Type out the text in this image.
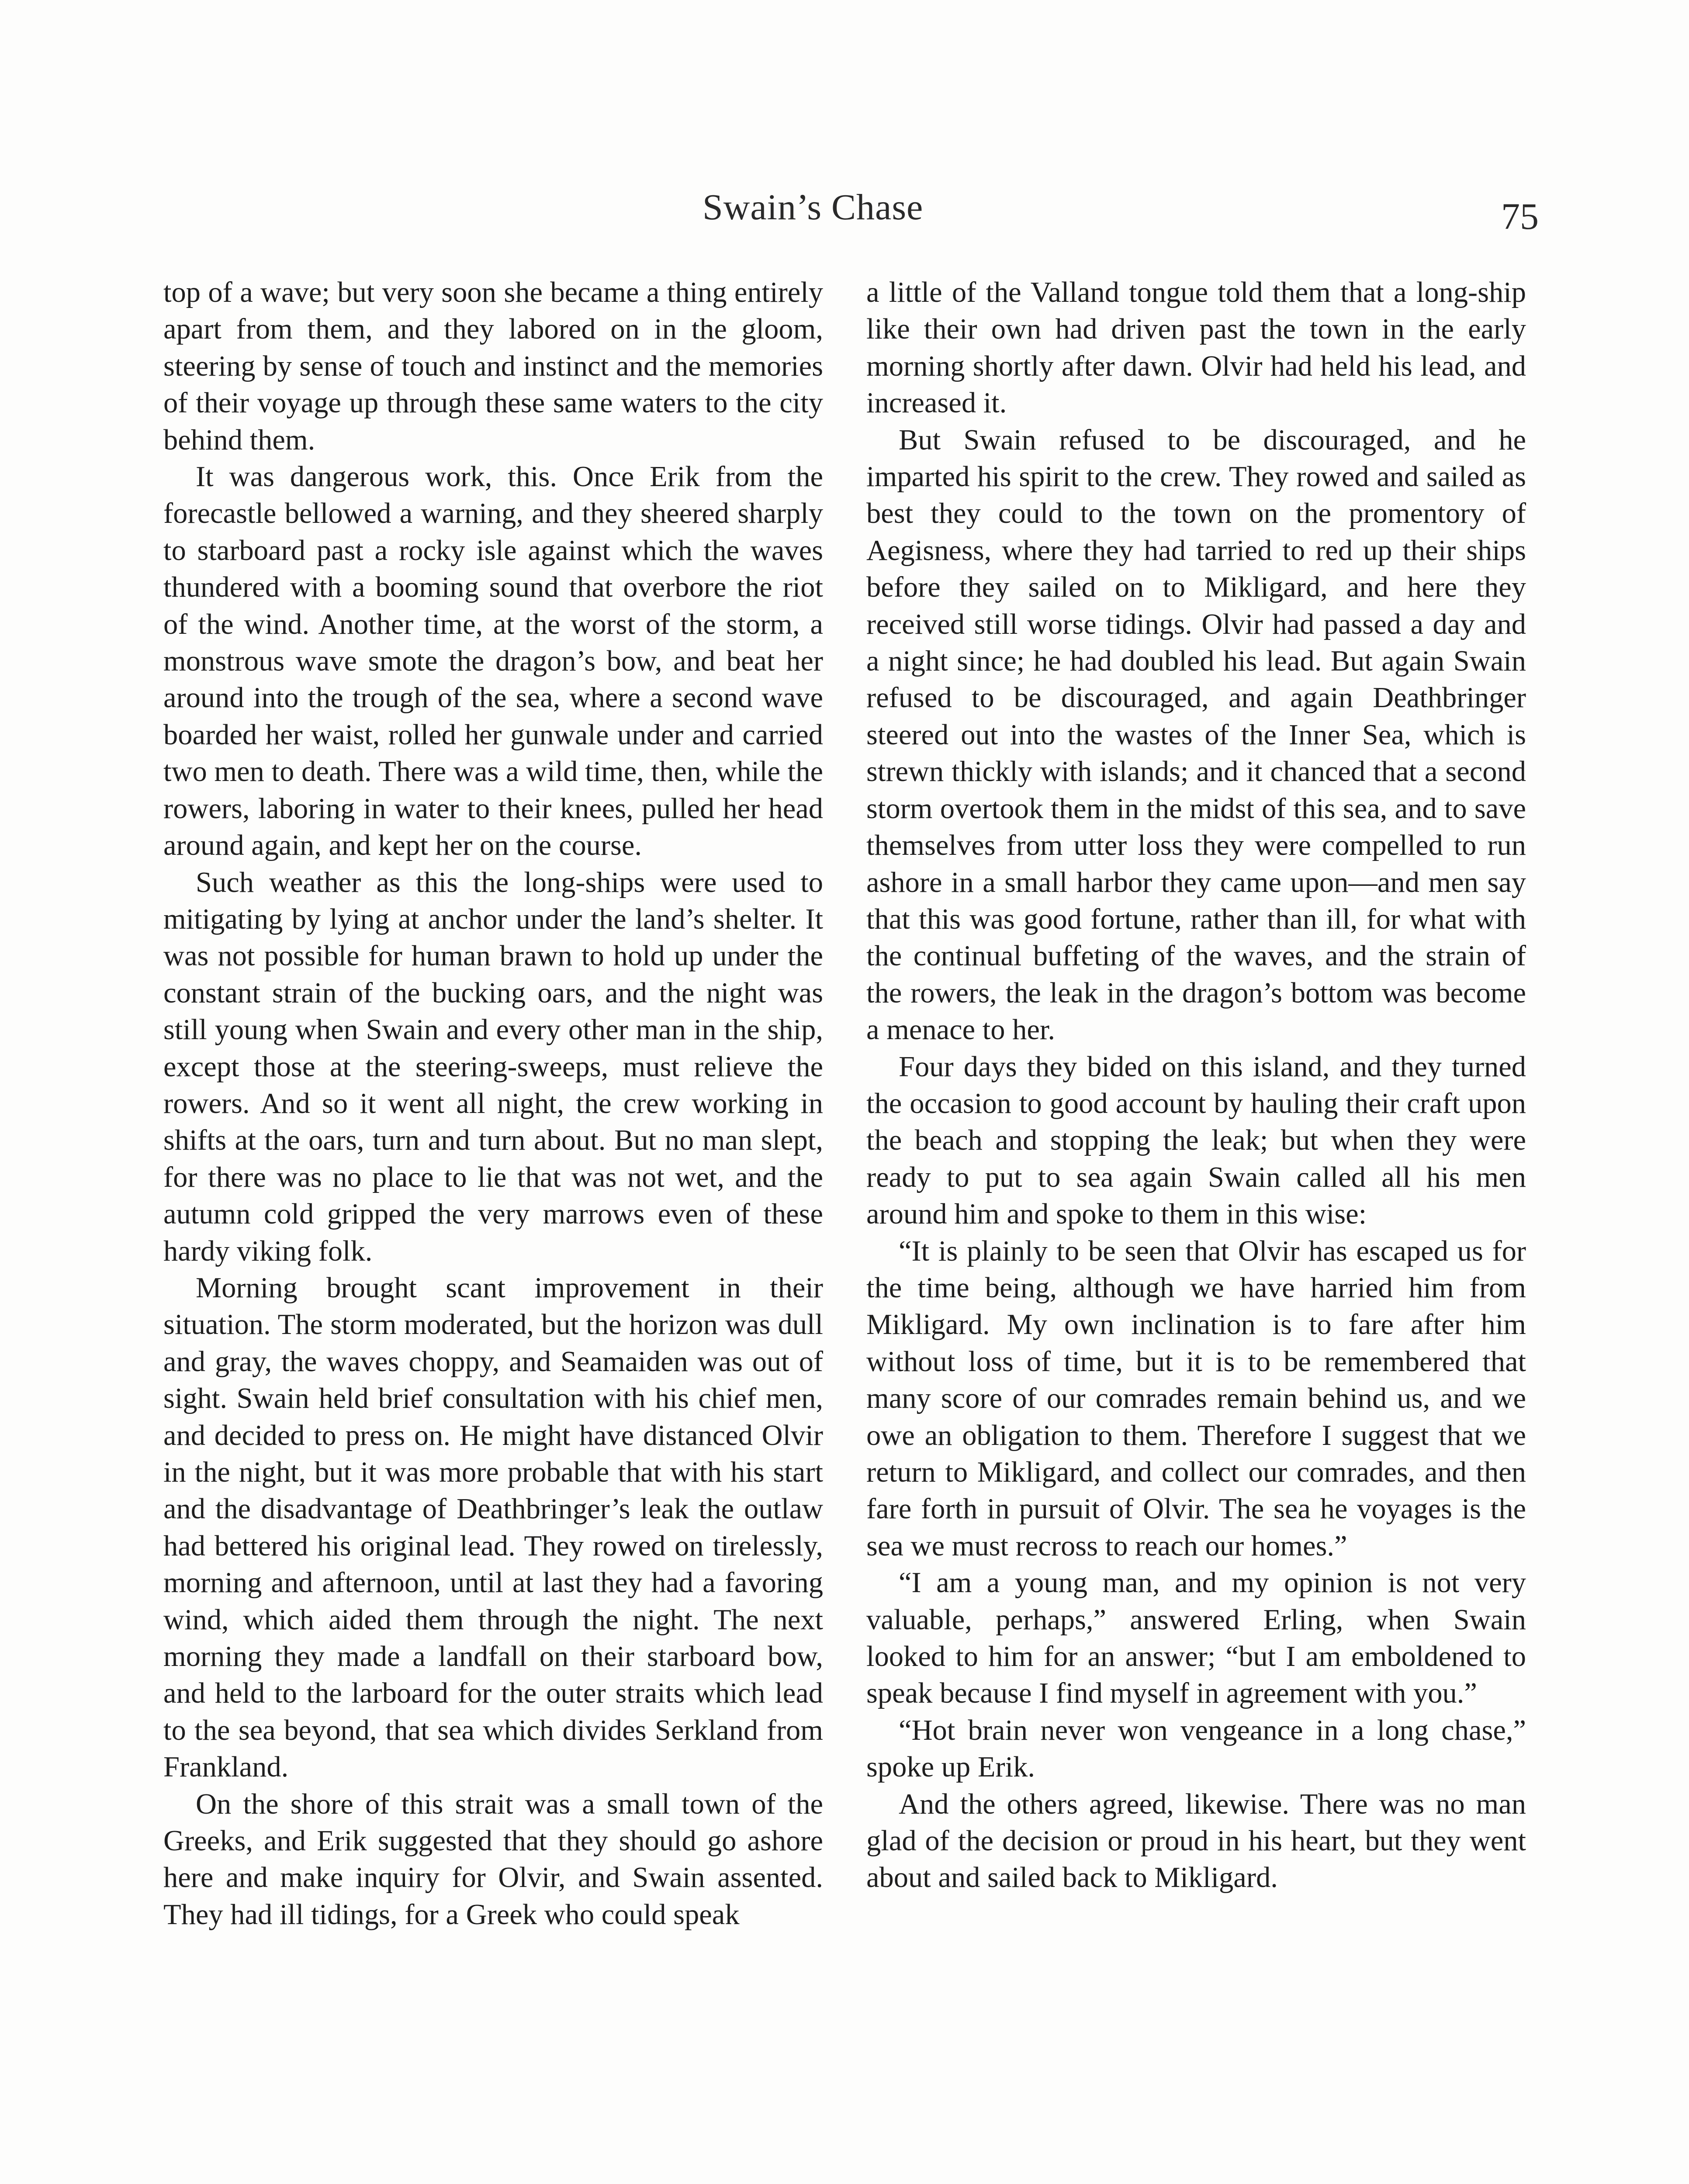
Swain’s Chase	75

top of a wave; but very soon she became a thing entirely apart from them, and they labored on in the gloom, steering by sense of touch and instinct and the memories of their voyage up through these same waters to the city behind them.

It was dangerous work, this. Once Erik from the forecastle bellowed a warning, and they sheered sharply to starboard past a rocky isle against which the waves thundered with a booming sound that overbore the riot of the wind. Another time, at the worst of the storm, a monstrous wave smote the dragon’s bow, and beat her around into the trough of the sea, where a second wave boarded her waist, rolled her gunwale under and carried two men to death. There was a wild time, then, while the rowers, laboring in water to their knees, pulled her head around again, and kept her on the course.

Such weather as this the long-ships were used to mitigating by lying at anchor under the land’s shelter. It was not possible for human brawn to hold up under the constant strain of the bucking oars, and the night was still young when Swain and every other man in the ship, except those at the steering-sweeps, must relieve the rowers. And so it went all night, the crew working in shifts at the oars, turn and turn about. But no man slept, for there was no place to lie that was not wet, and the autumn cold gripped the very marrows even of these hardy viking folk.

Morning brought scant improvement in their situation. The storm moderated, but the horizon was dull and gray, the waves choppy, and Seamaiden was out of sight. Swain held brief consultation with his chief men, and decided to press on. He might have distanced Olvir in the night, but it was more probable that with his start and the disadvantage of Deathbringer’s leak the outlaw had bettered his original lead. They rowed on tirelessly, morning and afternoon, until at last they had a favoring wind, which aided them through the night. The next morning they made a landfall on their starboard bow, and held to the larboard for the outer straits which lead to the sea beyond, that sea which divides Serkland from Frankland.

On the shore of this strait was a small town of the Greeks, and Erik suggested that they should go ashore here and make inquiry for Olvir, and Swain assented. They had ill tidings, for a Greek who could speak

a little of the Valland tongue told them that a long-ship like their own had driven past the town in the early morning shortly after dawn. Olvir had held his lead, and increased it.

But Swain refused to be discouraged, and he imparted his spirit to the crew. They rowed and sailed as best they could to the town on the promentory of Aegisness, where they had tarried to red up their ships before they sailed on to Mikligard, and here they received still worse tidings. Olvir had passed a day and a night since; he had doubled his lead. But again Swain refused to be discouraged, and again Deathbringer steered out into the wastes of the Inner Sea, which is strewn thickly with islands; and it chanced that a second storm overtook them in the midst of this sea, and to save themselves from utter loss they were compelled to run ashore in a small harbor they came upon—and men say that this was good fortune, rather than ill, for what with the continual buffeting of the waves, and the strain of the rowers, the leak in the dragon’s bottom was become a menace to her.

Four days they bided on this island, and they turned the occasion to good account by hauling their craft upon the beach and stopping the leak; but when they were ready to put to sea again Swain called all his men around him and spoke to them in this wise:

“It is plainly to be seen that Olvir has escaped us for the time being, although we have harried him from Mikligard. My own inclination is to fare after him without loss of time, but it is to be remembered that many score of our comrades remain behind us, and we owe an obligation to them. Therefore I suggest that we return to Mikligard, and collect our comrades, and then fare forth in pursuit of Olvir. The sea he voyages is the sea we must recross to reach our homes.”

“I am a young man, and my opinion is not very valuable, perhaps,” answered Erling, when Swain looked to him for an answer; “but I am emboldened to speak because I find myself in agreement with you.”

“Hot brain never won vengeance in a long chase,” spoke up Erik.

And the others agreed, likewise. There was no man glad of the decision or proud in his heart, but they went about and sailed back to Mikligard.
